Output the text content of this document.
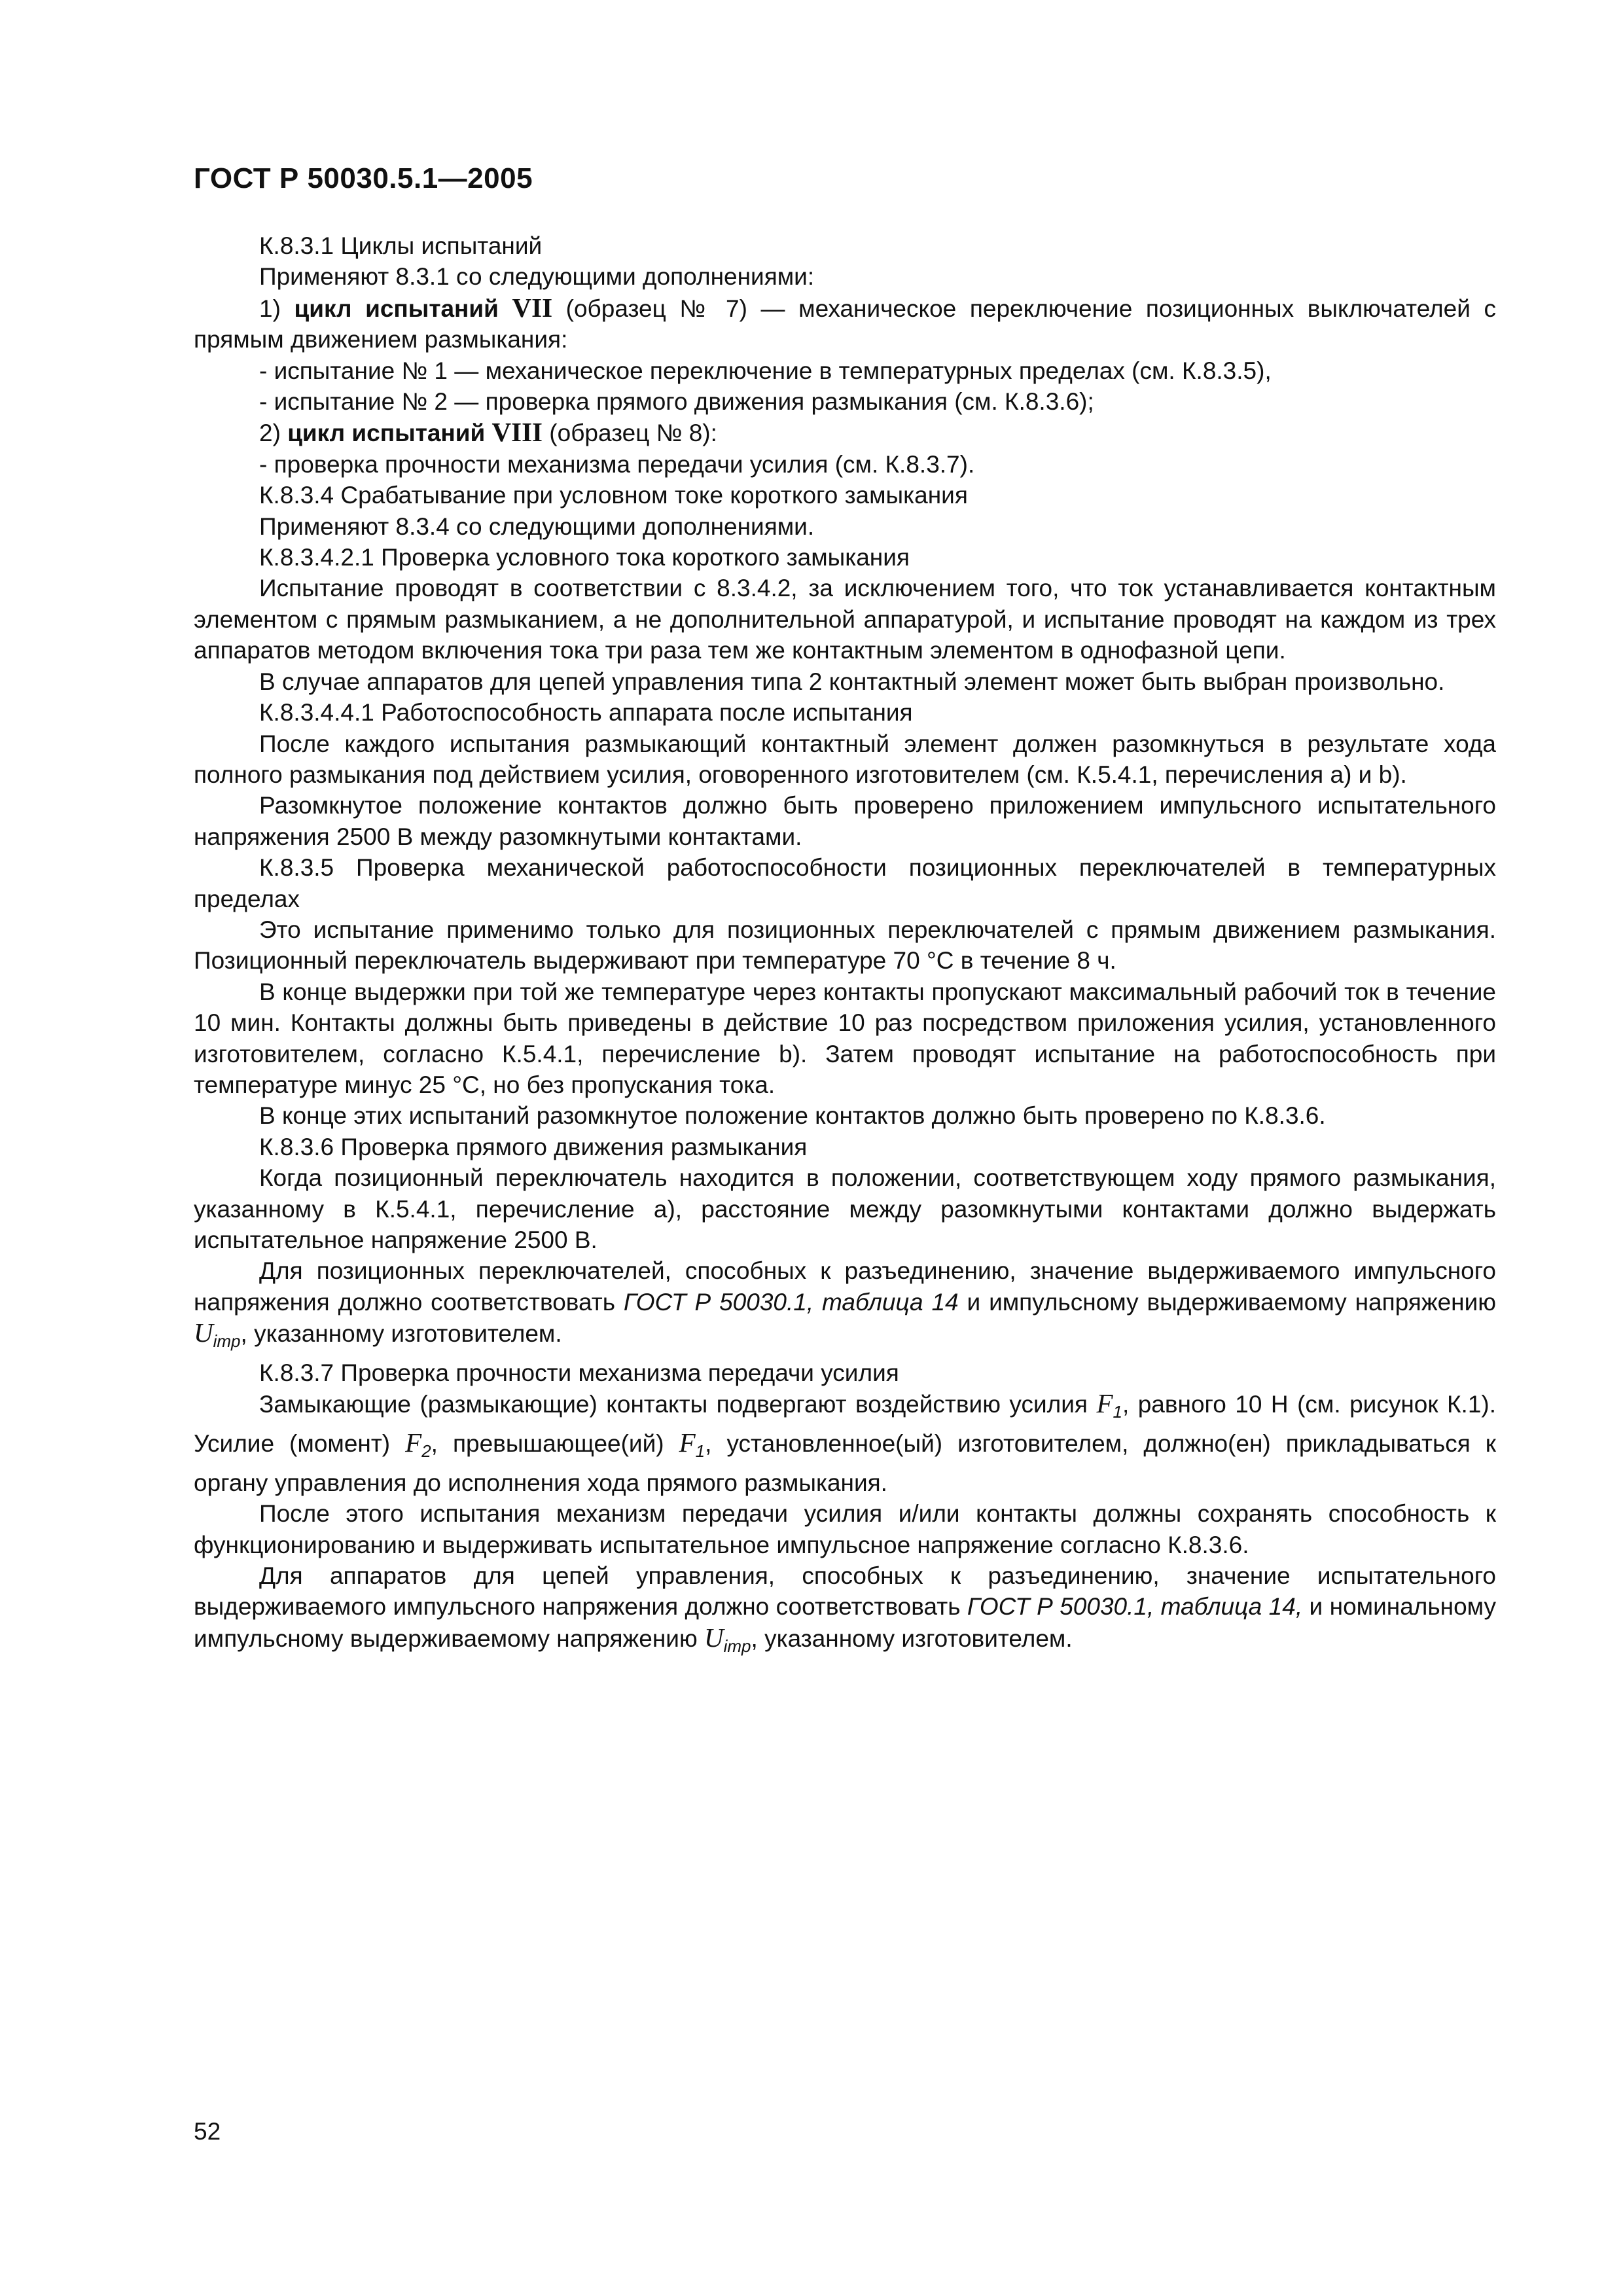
ГОСТ Р 50030.5.1—2005

К.8.3.1 Циклы испытаний

Применяют 8.3.1 со следующими дополнениями:

1) цикл испытаний VII (образец № 7) — механическое переключение позиционных выключателей с прямым движением размыкания:

- испытание № 1 — механическое переключение в температурных пределах (см. К.8.3.5),

- испытание № 2 — проверка прямого движения размыкания (см. К.8.3.6);

2) цикл испытаний VIII (образец № 8):

- проверка прочности механизма передачи усилия (см. К.8.3.7).

К.8.3.4 Срабатывание при условном токе короткого замыкания

Применяют 8.3.4 со следующими дополнениями.

К.8.3.4.2.1 Проверка условного тока короткого замыкания

Испытание проводят в соответствии с 8.3.4.2, за исключением того, что ток устанавливается контактным элементом с прямым размыканием, а не дополнительной аппаратурой, и испытание проводят на каждом из трех аппаратов методом включения тока три раза тем же контактным элементом в однофазной цепи.

В случае аппаратов для цепей управления типа 2 контактный элемент может быть выбран произвольно.

К.8.3.4.4.1 Работоспособность аппарата после испытания

После каждого испытания размыкающий контактный элемент должен разомкнуться в результате хода полного размыкания под действием усилия, оговоренного изготовителем (см. К.5.4.1, перечисления а) и b).

Разомкнутое положение контактов должно быть проверено приложением импульсного испытательного напряжения 2500 В между разомкнутыми контактами.

К.8.3.5 Проверка механической работоспособности позиционных переключателей в температурных пределах

Это испытание применимо только для позиционных переключателей с прямым движением размыкания. Позиционный переключатель выдерживают при температуре 70 °С в течение 8 ч.

В конце выдержки при той же температуре через контакты пропускают максимальный рабочий ток в течение 10 мин. Контакты должны быть приведены в действие 10 раз посредством приложения усилия, установленного изготовителем, согласно К.5.4.1, перечисление b). Затем проводят испытание на работоспособность при температуре минус 25 °С, но без пропускания тока.

В конце этих испытаний разомкнутое положение контактов должно быть проверено по К.8.3.6.

К.8.3.6 Проверка прямого движения размыкания

Когда позиционный переключатель находится в положении, соответствующем ходу прямого размыкания, указанному в К.5.4.1, перечисление а), расстояние между разомкнутыми контактами должно выдержать испытательное напряжение 2500 В.

Для позиционных переключателей, способных к разъединению, значение выдерживаемого импульсного напряжения должно соответствовать ГОСТ Р 50030.1, таблица 14 и импульсному выдерживаемому напряжению $U_{imp}$, указанному изготовителем.

К.8.3.7 Проверка прочности механизма передачи усилия

Замыкающие (размыкающие) контакты подвергают воздействию усилия $F_1$, равного 10 Н (см. рисунок К.1). Усилие (момент) $F_2$, превышающее(ий) $F_1$, установленное(ый) изготовителем, должно(ен) прикладываться к органу управления до исполнения хода прямого размыкания.

После этого испытания механизм передачи усилия и/или контакты должны сохранять способность к функционированию и выдерживать испытательное импульсное напряжение согласно К.8.3.6.

Для аппаратов для цепей управления, способных к разъединению, значение испытательного выдерживаемого импульсного напряжения должно соответствовать ГОСТ Р 50030.1, таблица 14, и номинальному импульсному выдерживаемому напряжению $U_{imp}$, указанному изготовителем.

52
